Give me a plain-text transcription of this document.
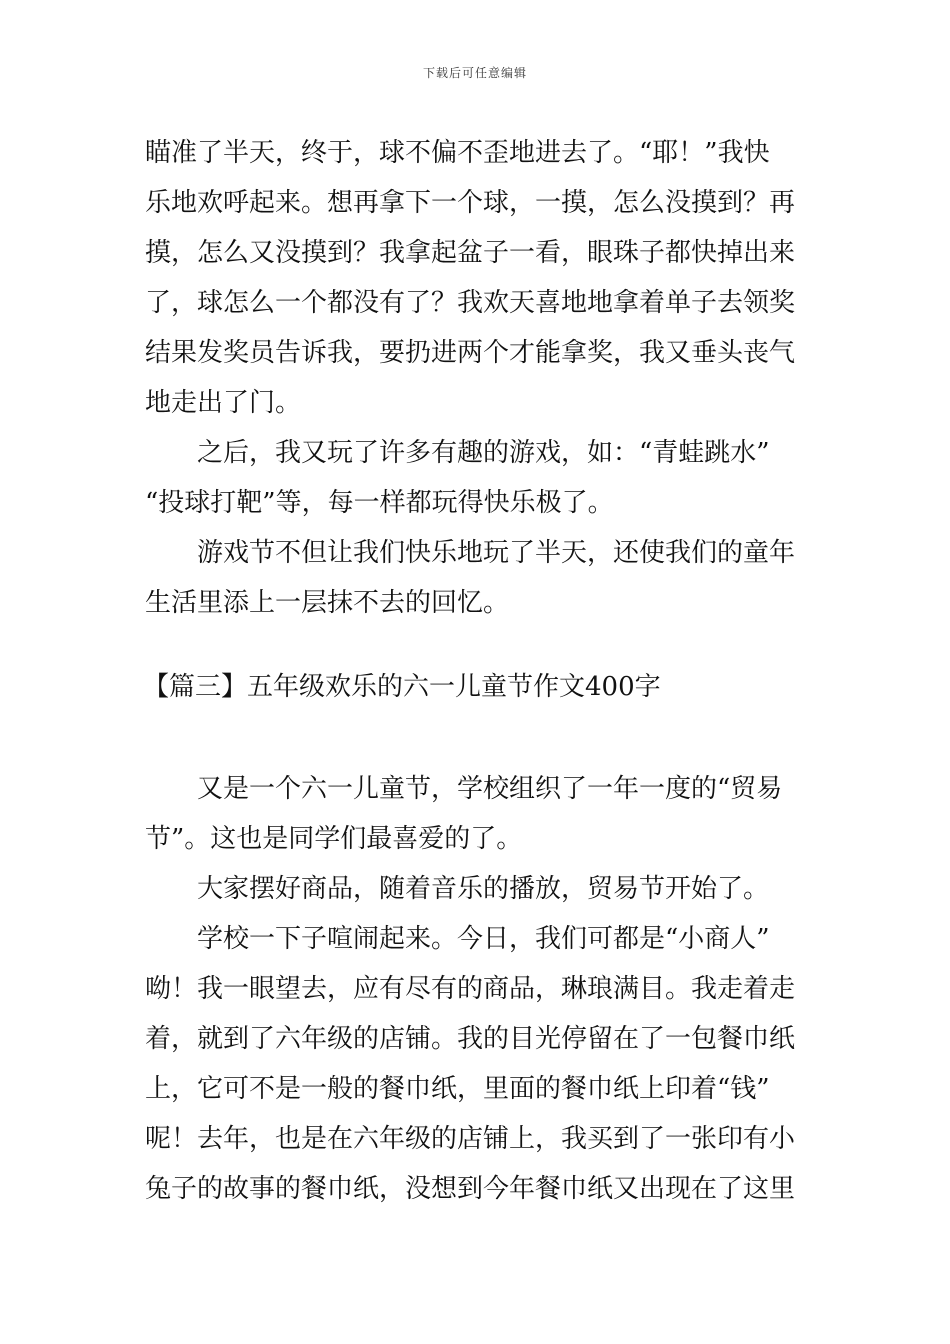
下载后可任意编辑
瞄准了半天，终于，球不偏不歪地进去了。“耶！”我快
乐地欢呼起来。想再拿下一个球，一摸，怎么没摸到？再
摸，怎么又没摸到？我拿起盆子一看，眼珠子都快掉出来
了，球怎么一个都没有了？我欢天喜地地拿着单子去领奖
结果发奖员告诉我，要扔进两个才能拿奖，我又垂头丧气
地走出了门。
之后，我又玩了许多有趣的游戏，如：“青蛙跳水”
“投球打靶”等，每一样都玩得快乐极了。
游戏节不但让我们快乐地玩了半天，还使我们的童年
生活里添上一层抹不去的回忆。
【篇三】五年级欢乐的六一儿童节作文400字
又是一个六一儿童节，学校组织了一年一度的“贸易
节”。这也是同学们最喜爱的了。
大家摆好商品，随着音乐的播放，贸易节开始了。
学校一下子喧闹起来。今日，我们可都是“小商人”
呦！我一眼望去，应有尽有的商品，琳琅满目。我走着走
着，就到了六年级的店铺。我的目光停留在了一包餐巾纸
上，它可不是一般的餐巾纸，里面的餐巾纸上印着“钱”
呢！去年，也是在六年级的店铺上，我买到了一张印有小
兔子的故事的餐巾纸，没想到今年餐巾纸又出现在了这里
